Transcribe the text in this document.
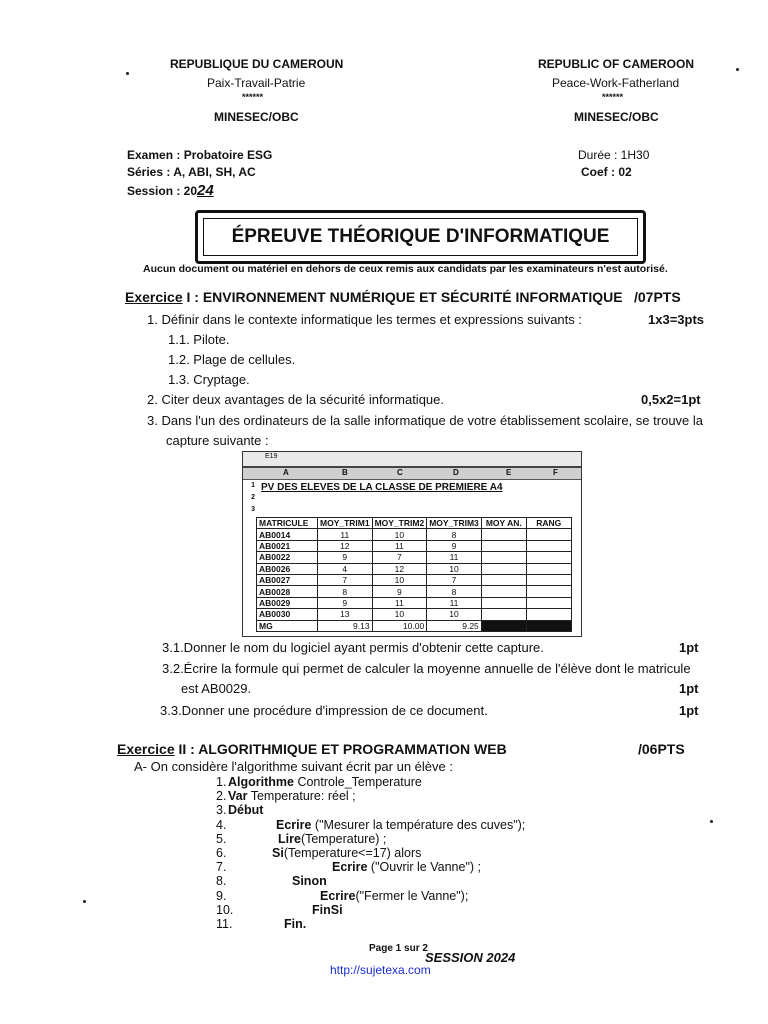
REPUBLIQUE DU CAMEROUN
Paix-Travail-Patrie
******
MINESEC/OBC
REPUBLIC OF CAMEROON
Peace-Work-Fatherland
******
MINESEC/OBC
Examen : Probatoire ESG
Séries : A, ABI, SH, AC
Session : 2024
Durée : 1H30
Coef : 02
ÉPREUVE THÉORIQUE D'INFORMATIQUE
Aucun document ou matériel en dehors de ceux remis aux candidats par les examinateurs n'est autorisé.
Exercice I : ENVIRONNEMENT NUMÉRIQUE ET SÉCURITÉ INFORMATIQUE /07PTS
1. Définir dans le contexte informatique les termes et expressions suivants :	1x3=3pts
1.1. Pilote.
1.2. Plage de cellules.
1.3. Cryptage.
2. Citer deux avantages de la sécurité informatique.	0,5x2=1pt
3. Dans l'un des ordinateurs de la salle informatique de votre établissement scolaire, se trouve la
capture suivante :
E19
A	B	C	D	E	F
1
2
3
PV DES ELEVES DE LA CLASSE DE PREMIERE A4
MATRICULE	MOY_TRIM1	MOY_TRIM2	MOY_TRIM3	MOY AN.	RANG
AB0014	11	10	8		
AB0021	12	11	9		
AB0022	9	7	11		
AB0026	4	12	10		
AB0027	7	10	7		
AB0028	8	9	8		
AB0029	9	11	11		
AB0030	13	10	10		
MG	9.13	10.00	9.25		
3.1.Donner le nom du logiciel ayant permis d'obtenir cette capture.	1pt
3.2.Écrire la formule qui permet de calculer la moyenne annuelle de l'élève dont le matricule
est AB0029.	1pt
3.3.Donner une procédure d'impression de ce document.	1pt
Exercice II : ALGORITHMIQUE ET PROGRAMMATION WEB	/06PTS
A- On considère l'algorithme suivant écrit par un élève :
1. Algorithme Controle_Temperature
2. Var Temperature: réel ;
3. Début
4.	Ecrire ("Mesurer la température des cuves");
5.	Lire(Temperature) ;
6.	Si(Temperature<=17) alors
7.	Ecrire ("Ouvrir le Vanne") ;
8.	Sinon
9.	Ecrire("Fermer le Vanne");
10.	FinSi
11.	Fin.
Page 1 sur 2
SESSION 2024
http://sujetexa.com
